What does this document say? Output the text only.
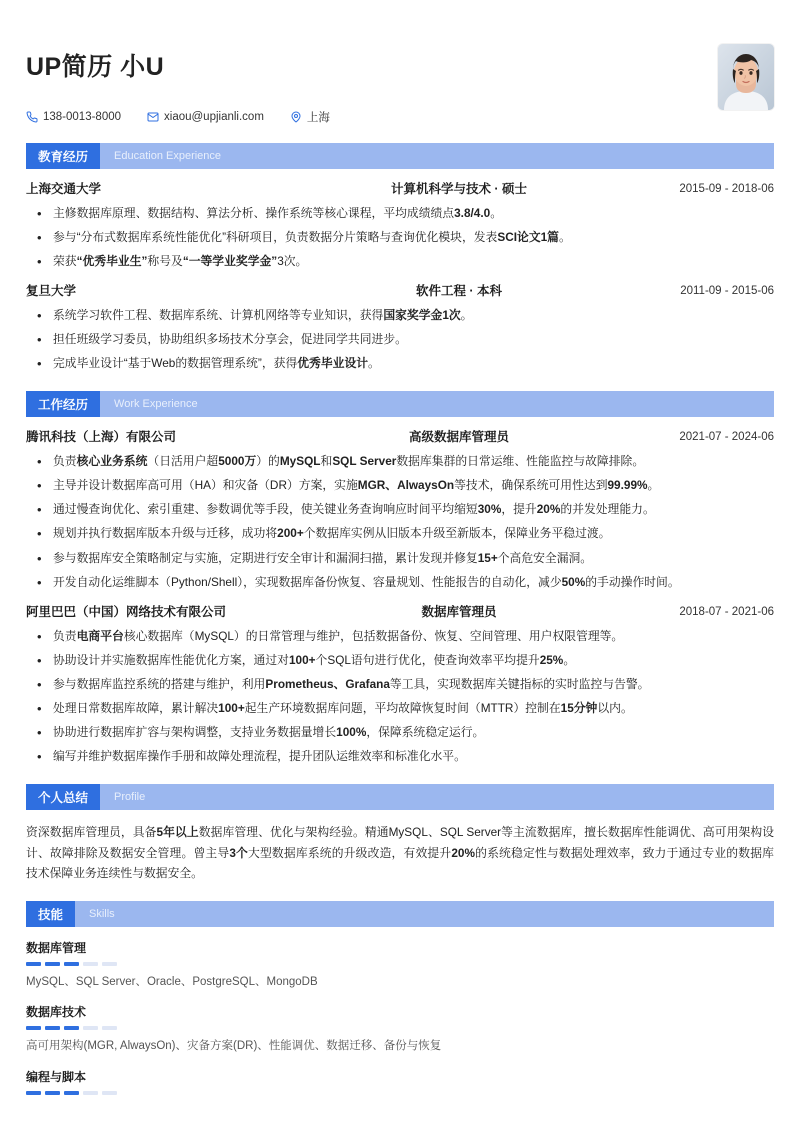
UP简历 小U
138-0013-8000	xiaou@upjianli.com	上海
教育经历	Education Experience
上海交通大学	计算机科学与技术 · 硕士	2015-09 - 2018-06
• 主修数据库原理、数据结构、算法分析、操作系统等核心课程，平均成绩绩点3.8/4.0。
• 参与“分布式数据库系统性能优化”科研项目，负责数据分片策略与查询优化模块，发表SCI论文1篇。
• 荣获“优秀毕业生”称号及“一等学业奖学金”3次。
复旦大学	软件工程 · 本科	2011-09 - 2015-06
• 系统学习软件工程、数据库系统、计算机网络等专业知识，获得国家奖学金1次。
• 担任班级学习委员，协助组织多场技术分享会，促进同学共同进步。
• 完成毕业设计“基于Web的数据管理系统”，获得优秀毕业设计。
工作经历	Work Experience
腾讯科技（上海）有限公司	高级数据库管理员	2021-07 - 2024-06
• 负责核心业务系统（日活用户超5000万）的MySQL和SQL Server数据库集群的日常运维、性能监控与故障排除。
• 主导并设计数据库高可用（HA）和灾备（DR）方案，实施MGR、AlwaysOn等技术，确保系统可用性达到99.99%。
• 通过慢查询优化、索引重建、参数调优等手段，使关键业务查询响应时间平均缩短30%，提升20%的并发处理能力。
• 规划并执行数据库版本升级与迁移，成功将200+个数据库实例从旧版本升级至新版本，保障业务平稳过渡。
• 参与数据库安全策略制定与实施，定期进行安全审计和漏洞扫描，累计发现并修复15+个高危安全漏洞。
• 开发自动化运维脚本（Python/Shell），实现数据库备份恢复、容量规划、性能报告的自动化，减少50%的手动操作时间。
阿里巴巴（中国）网络技术有限公司	数据库管理员	2018-07 - 2021-06
• 负责电商平台核心数据库（MySQL）的日常管理与维护，包括数据备份、恢复、空间管理、用户权限管理等。
• 协助设计并实施数据库性能优化方案，通过对100+个SQL语句进行优化，使查询效率平均提升25%。
• 参与数据库监控系统的搭建与维护，利用Prometheus、Grafana等工具，实现数据库关键指标的实时监控与告警。
• 处理日常数据库故障，累计解决100+起生产环境数据库问题，平均故障恢复时间（MTTR）控制在15分钟以内。
• 协助进行数据库扩容与架构调整，支持业务数据量增长100%，保障系统稳定运行。
• 编写并维护数据库操作手册和故障处理流程，提升团队运维效率和标准化水平。
个人总结	Profile
资深数据库管理员，具备5年以上数据库管理、优化与架构经验。精通MySQL、SQL Server等主流数据库，擅长数据库性能调优、高可用架构设计、故障排除及数据安全管理。曾主导3个大型数据库系统的升级改造，有效提升20%的系统稳定性与数据处理效率，致力于通过专业的数据库技术保障业务连续性与数据安全。
技能	Skills
数据库管理
MySQL、SQL Server、Oracle、PostgreSQL、MongoDB
数据库技术
高可用架构(MGR, AlwaysOn)、灾备方案(DR)、性能调优、数据迁移、备份与恢复
编程与脚本
